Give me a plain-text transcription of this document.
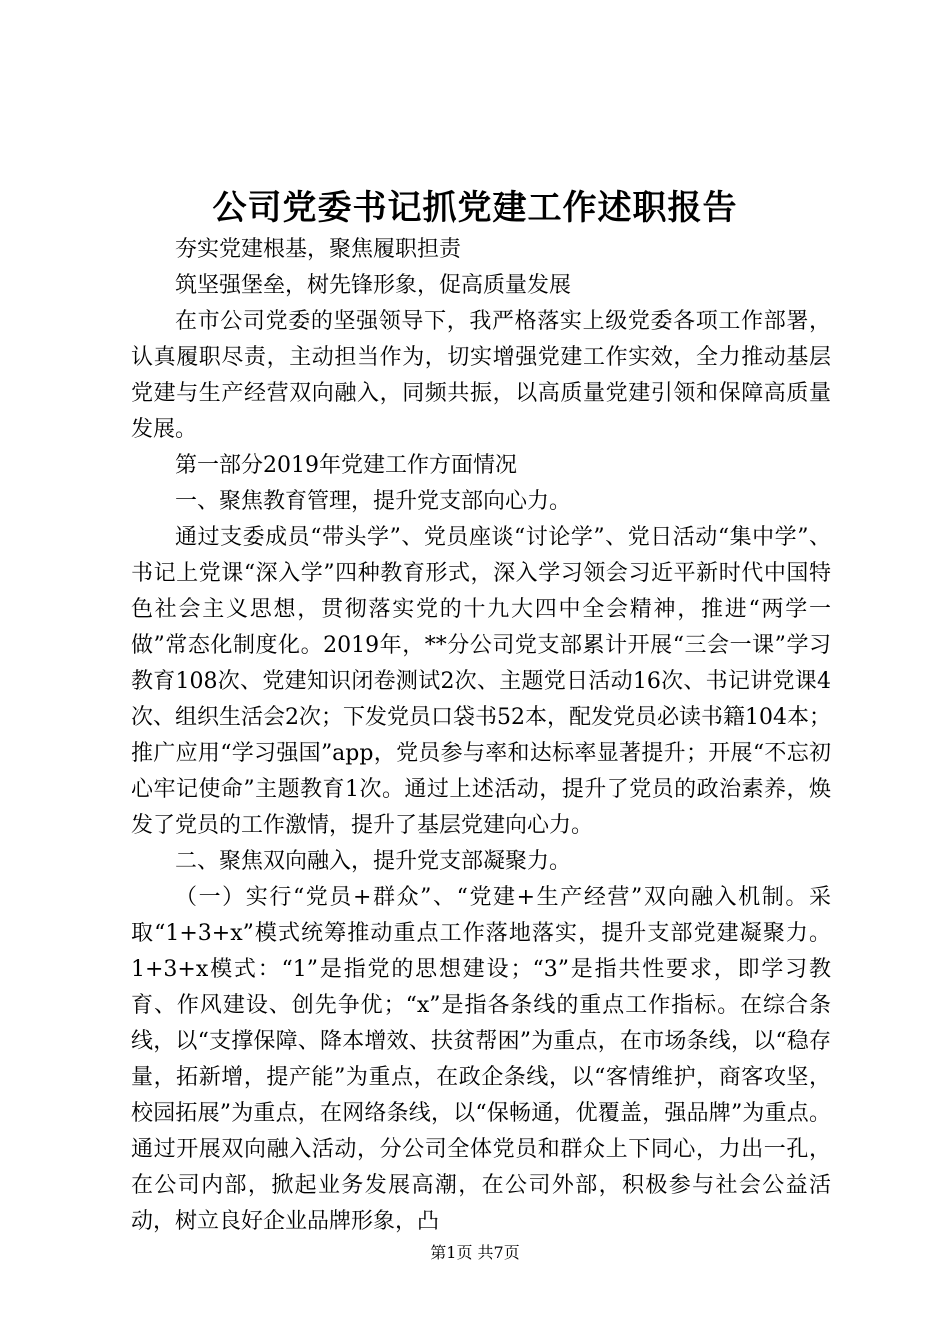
公司党委书记抓党建工作述职报告

夯实党建根基，聚焦履职担责

筑坚强堡垒，树先锋形象，促高质量发展

在市公司党委的坚强领导下，我严格落实上级党委各项工作部署，认真履职尽责，主动担当作为，切实增强党建工作实效，全力推动基层党建与生产经营双向融入，同频共振，以高质量党建引领和保障高质量发展。

第一部分2019年党建工作方面情况

一、聚焦教育管理，提升党支部向心力。

通过支委成员“带头学”、党员座谈“讨论学”、党日活动“集中学”、书记上党课“深入学”四种教育形式，深入学习领会习近平新时代中国特色社会主义思想，贯彻落实党的十九大四中全会精神，推进“两学一做”常态化制度化。2019年，**分公司党支部累计开展“三会一课”学习教育108次、党建知识闭卷测试2次、主题党日活动16次、书记讲党课4次、组织生活会2次；下发党员口袋书52本，配发党员必读书籍104本；推广应用“学习强国”app，党员参与率和达标率显著提升；开展“不忘初心牢记使命”主题教育1次。通过上述活动，提升了党员的政治素养，焕发了党员的工作激情，提升了基层党建向心力。

二、聚焦双向融入，提升党支部凝聚力。

（一）实行“党员+群众”、“党建+生产经营”双向融入机制。采取“1+3+x”模式统筹推动重点工作落地落实，提升支部党建凝聚力。1+3+x模式：“1”是指党的思想建设；“3”是指共性要求，即学习教育、作风建设、创先争优；“x”是指各条线的重点工作指标。在综合条线，以“支撑保障、降本增效、扶贫帮困”为重点，在市场条线，以“稳存量，拓新增，提产能”为重点，在政企条线，以“客情维护，商客攻坚，校园拓展”为重点，在网络条线，以“保畅通，优覆盖，强品牌”为重点。通过开展双向融入活动，分公司全体党员和群众上下同心，力出一孔，在公司内部，掀起业务发展高潮，在公司外部，积极参与社会公益活动，树立良好企业品牌形象，凸

第1页 共7页
